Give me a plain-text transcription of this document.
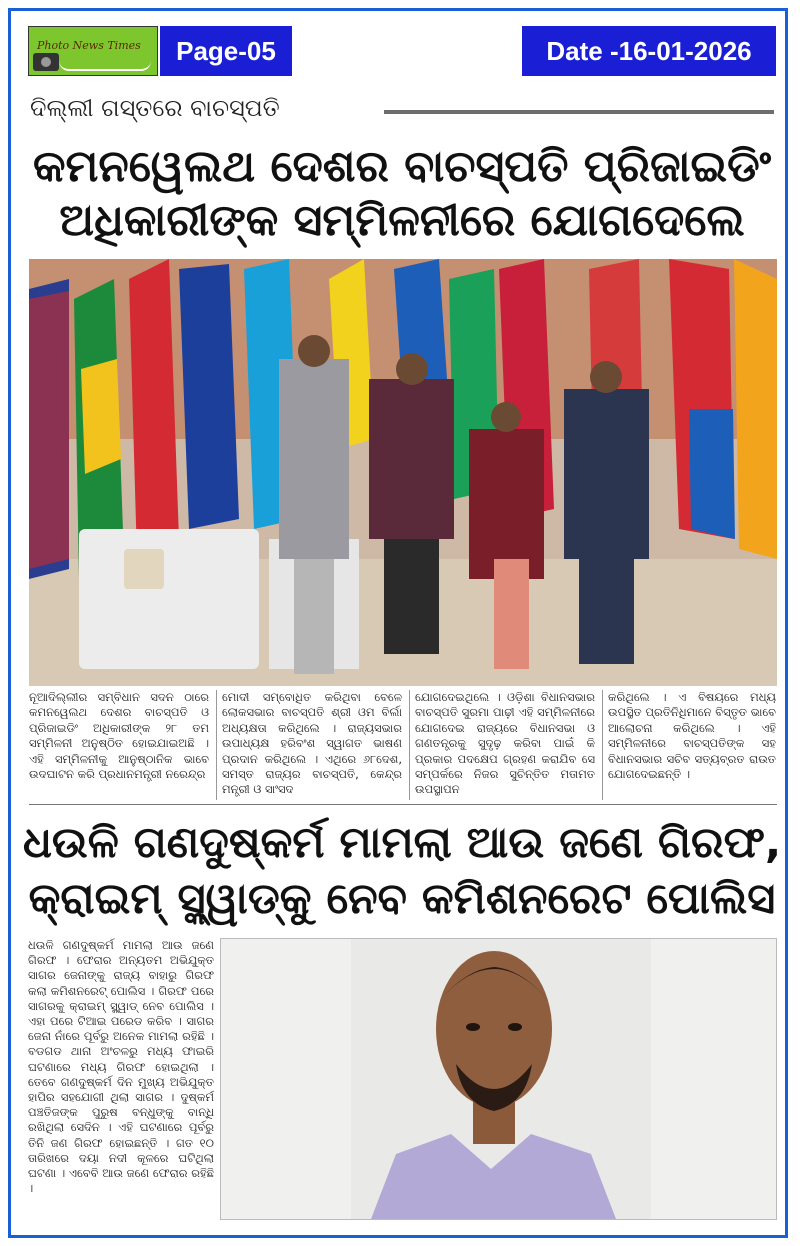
Photo News Times	Page-05	Date -16-01-2026
ଦିଲ୍ଲୀ ଗସ୍ତରେ ବାଚସ୍ପତି
କମନୱେଲଥ ଦେଶର ବାଚସ୍ପତି ପ୍ରିଜାଇଡିଂ
ଅଧିକାରୀଙ୍କ ସମ୍ମିଳନୀରେ ଯୋଗଦେଲେ
ନୂଆଦିଲ୍ଲୀର ସମ୍ବିଧାନ ସଦନ ଠାରେ କମନୱେଲଥ ଦେଶର ବାଚସ୍ପତି ଓ ପ୍ରିଜାଇଡିଂ ଅଧିକାରୀଙ୍କ ୨୮ ତମ ସମ୍ମିଳନୀ ଅନୁଷ୍ଠିତ ହୋଇଯାଇଅଛି । ଏହି ସମ୍ମିଳନୀକୁ ଆନୁଷ୍ଠାନିକ ଭାବେ ଉଦଘାଟନ କରି ପ୍ରଧାନମନ୍ତ୍ରୀ ନରେନ୍ଦ୍ର
ମୋଦୀ ସମ୍ବୋଧିତ କରିଥିବା ବେଳେ ଲୋକସଭାର ବାଚସ୍ପତି ଶ୍ରୀ ଓମ ବିର୍ଲା ଅଧ୍ୟକ୍ଷତା କରିଥିଲେ । ରାଜ୍ୟସଭାର ଉପାଧ୍ୟକ୍ଷ ହରିବଂଶ ସ୍ୱାଗତ ଭାଷଣ ପ୍ରଦାନ କରିଥିଲେ । ଏଥିରେ ୬୮ଦେଶ, ସମସ୍ତ ରାଜ୍ୟର ବାଚସ୍ପତି, କେନ୍ଦ୍ର ମନ୍ତ୍ରୀ ଓ ସାଂସଦ
ଯୋଗଦେଇଥିଲେ । ଓଡ଼ିଶା ବିଧାନସଭାର ବାଚସ୍ପତି ସୁରମା ପାଢ଼ୀ ଏହି ସମ୍ମିଳନୀରେ ଯୋଗଦେଇ ରାଜ୍ୟରେ ବିଧାନସଭା ଓ ଗଣତନ୍ତ୍ରକୁ ସୁଦୃଢ଼ କରିବା ପାଇଁ କି ପ୍ରକାର ପଦକ୍ଷେପ ଗ୍ରହଣ କରାଯିବ ସେ ସମ୍ପର୍କରେ ନିଜର ସୁଚିନ୍ତିତ ମତାମତ ଉପସ୍ଥାପନ
କରିଥିଲେ । ଏ ବିଷୟରେ ମଧ୍ୟ ଉପସ୍ଥିତ ପ୍ରତିନିଧିମାନେ ବିସ୍ତୃତ ଭାବେ ଆଲୋଚନା କରିଥିଲେ । ଏହି ସମ୍ମିଳନୀରେ ବାଚସ୍ପତିଙ୍କ ସହ ବିଧାନସଭାର ସଚିବ ସତ୍ୟବ୍ରତ ରାଉତ ଯୋଗଦେଇଛନ୍ତି ।
ଧଉଳି ଗଣଦୁଷ୍କର୍ମ ମାମଲା ଆଉ ଜଣେ ଗିରଫ,
କ୍ରାଇମ୍ ସ୍କ୍ୱାଡ୍‌କୁ ନେବ କମିଶନରେଟ ପୋଲିସ
ଧଉଳି ଗଣଦୁଷ୍କର୍ମ ମାମଲା ଆଉ ଜଣେ ଗିରଫ । ଫେରାର ଅନ୍ୟତମ ଅଭିଯୁକ୍ତ ସାଗର ଜେନାଙ୍କୁ ରାଜ୍ୟ ବାହାରୁ ଗିରଫ କଲା କମିଶନରେଟ୍ ପୋଲିସ । ଗିରଫ ପରେ ସାଗରକୁ କ୍ରାଇମ୍ ସ୍କ୍ୱାଡ୍ ନେବ ପୋଲିସ । ଏହା ପରେ ଟିଆଇ ପରେଡ କରିବ । ସାଗର ଜେନା ନାଁରେ ପୂର୍ବରୁ ଅନେକ ମାମଲା ରହିଛି । ବଡଗଡ ଥାନା ଅଂଚଳରୁ ମଧ୍ୟ ଫାଇରି ଘଟଣାରେ ମଧ୍ୟ ଗିରଫ ହୋଇଥିଲା । ତେବେ ଗଣଦୁଷ୍କର୍ମ ଦିନ ମୁଖ୍ୟ ଅଭିଯୁକ୍ତ ହାପିର ସହଯୋଗୀ ଥିଲା ସାଗର । ଦୁଷ୍କର୍ମ ପଞ୍ଚତିଜଙ୍କ ପୁରୁଷ ବନ୍ଧୁଙ୍କୁ ବାନ୍ଧି ରଖିଥିଲା ସେଦିନ । ଏହି ଘଟଣାରେ ପୂର୍ବରୁ ତିନି ଜଣ ଗିରଫ ହୋଇଛନ୍ତି । ଗତ ୧୦ ତାରିଖରେ ଦୟା ନଦୀ କୂଳରେ ଘଟିଥିଲା ଘଟଣା । ଏବେବି ଆଉ ଜଣେ ଫେରାର ରହିଛି ।
